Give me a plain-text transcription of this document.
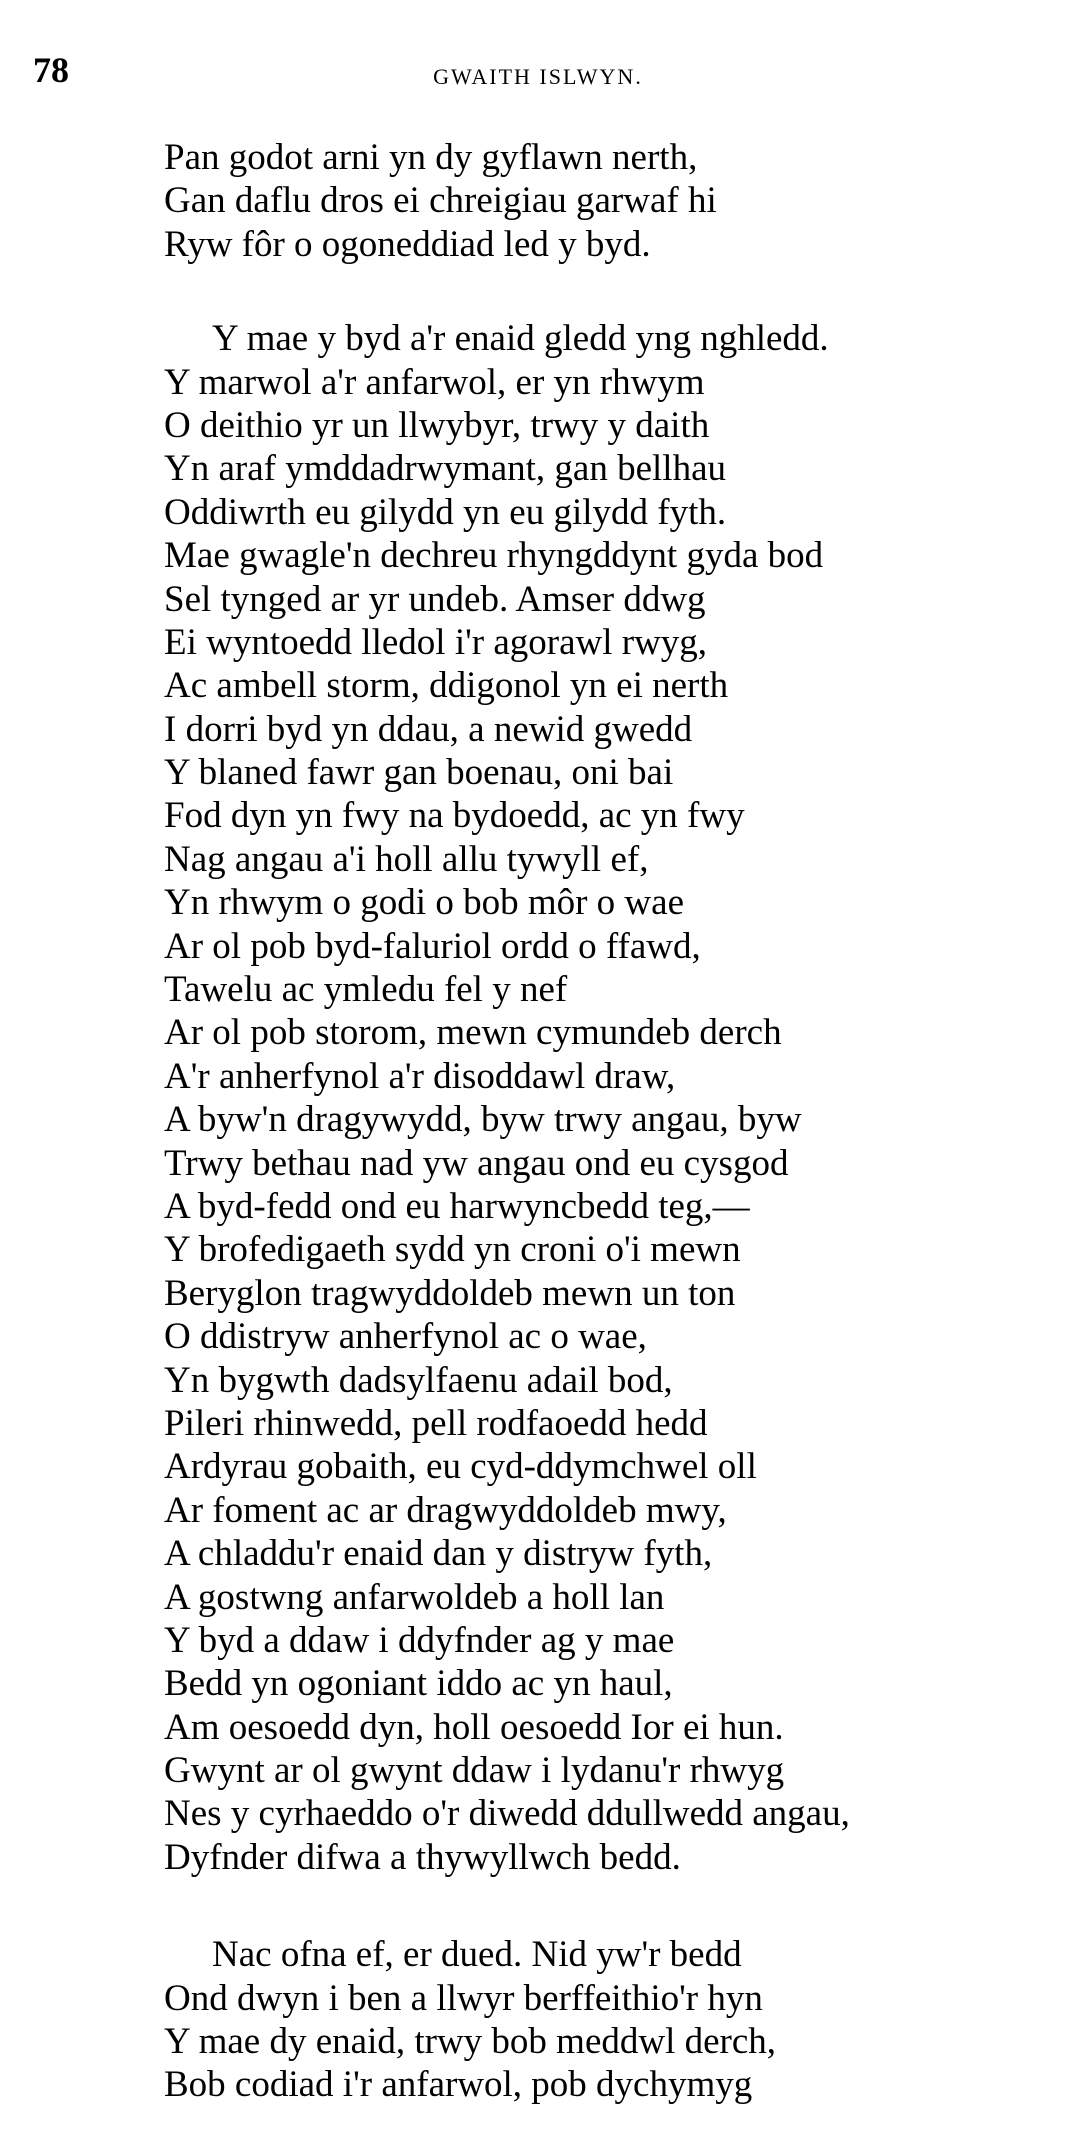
78	GWAITH ISLWYN.
Pan godot arni yn dy gyflawn nerth,
Gan daflu dros ei chreigiau garwaf hi
Ryw fôr o ogoneddiad led y byd.
Y mae y byd a'r enaid gledd yng nghledd.
Y marwol a'r anfarwol, er yn rhwym
O deithio yr un llwybyr, trwy y daith
Yn araf ymddadrwymant, gan bellhau
Oddiwrth eu gilydd yn eu gilydd fyth.
Mae gwagle'n dechreu rhyngddynt gyda bod
Sel tynged ar yr undeb. Amser ddwg
Ei wyntoedd lledol i'r agorawl rwyg,
Ac ambell storm, ddigonol yn ei nerth
I dorri byd yn ddau, a newid gwedd
Y blaned fawr gan boenau, oni bai
Fod dyn yn fwy na bydoedd, ac yn fwy
Nag angau a'i holl allu tywyll ef,
Yn rhwym o godi o bob môr o wae
Ar ol pob byd-faluriol ordd o ffawd,
Tawelu ac ymledu fel y nef
Ar ol pob storom, mewn cymundeb derch
A'r anherfynol a'r disoddawl draw,
A byw'n dragywydd, byw trwy angau, byw
Trwy bethau nad yw angau ond eu cysgod
A byd-fedd ond eu harwyncbedd teg,—
Y brofedigaeth sydd yn croni o'i mewn
Beryglon tragwyddoldeb mewn un ton
O ddistryw anherfynol ac o wae,
Yn bygwth dadsylfaenu adail bod,
Pileri rhinwedd, pell rodfaoedd hedd
Ardyrau gobaith, eu cyd-ddymchwel oll
Ar foment ac ar dragwyddoldeb mwy,
A chladdu'r enaid dan y distryw fyth,
A gostwng anfarwoldeb a holl lan
Y byd a ddaw i ddyfnder ag y mae
Bedd yn ogoniant iddo ac yn haul,
Am oesoedd dyn, holl oesoedd Ior ei hun.
Gwynt ar ol gwynt ddaw i lydanu'r rhwyg
Nes y cyrhaeddo o'r diwedd ddullwedd angau,
Dyfnder difwa a thywyllwch bedd.
Nac ofna ef, er dued. Nid yw'r bedd
Ond dwyn i ben a llwyr berffeithio'r hyn
Y mae dy enaid, trwy bob meddwl derch,
Bob codiad i'r anfarwol, pob dychymyg
